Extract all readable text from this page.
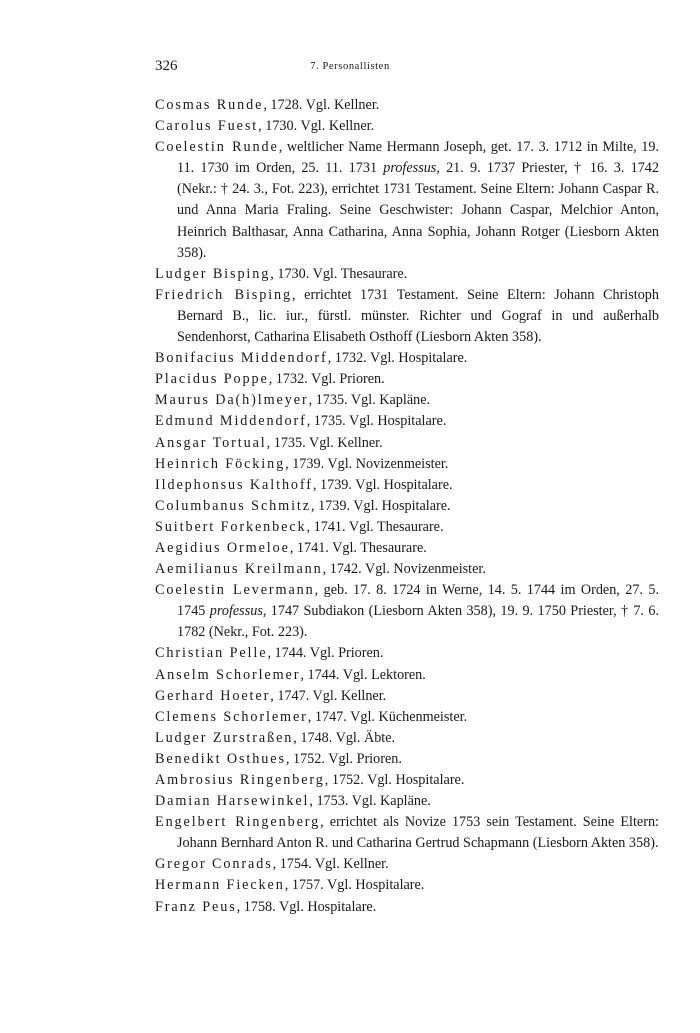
326	7. Personallisten

Cosmas Runde, 1728. Vgl. Kellner.

Carolus Fuest, 1730. Vgl. Kellner.

Coelestin Runde, weltlicher Name Hermann Joseph, get. 17. 3. 1712 in Milte, 19. 11. 1730 im Orden, 25. 11. 1731 professus, 21. 9. 1737 Priester, † 16. 3. 1742 (Nekr.: † 24. 3., Fot. 223), errichtet 1731 Testament. Seine Eltern: Johann Caspar R. und Anna Maria Fraling. Seine Geschwister: Johann Caspar, Melchior Anton, Heinrich Balthasar, Anna Catharina, Anna Sophia, Johann Rotger (Liesborn Akten 358).

Ludger Bisping, 1730. Vgl. Thesaurare.

Friedrich Bisping, errichtet 1731 Testament. Seine Eltern: Johann Christoph Bernard B., lic. iur., fürstl. münster. Richter und Gograf in und außerhalb Sendenhorst, Catharina Elisabeth Osthoff (Liesborn Akten 358).

Bonifacius Middendorf, 1732. Vgl. Hospitalare.

Placidus Poppe, 1732. Vgl. Prioren.

Maurus Da(h)lmeyer, 1735. Vgl. Kapläne.

Edmund Middendorf, 1735. Vgl. Hospitalare.

Ansgar Tortual, 1735. Vgl. Kellner.

Heinrich Föcking, 1739. Vgl. Novizenmeister.

Ildephonsus Kalthoff, 1739. Vgl. Hospitalare.

Columbanus Schmitz, 1739. Vgl. Hospitalare.

Suitbert Forkenbeck, 1741. Vgl. Thesaurare.

Aegidius Ormeloe, 1741. Vgl. Thesaurare.

Aemilianus Kreilmann, 1742. Vgl. Novizenmeister.

Coelestin Levermann, geb. 17. 8. 1724 in Werne, 14. 5. 1744 im Orden, 27. 5. 1745 professus, 1747 Subdiakon (Liesborn Akten 358), 19. 9. 1750 Priester, † 7. 6. 1782 (Nekr., Fot. 223).

Christian Pelle, 1744. Vgl. Prioren.

Anselm Schorlemer, 1744. Vgl. Lektoren.

Gerhard Hoeter, 1747. Vgl. Kellner.

Clemens Schorlemer, 1747. Vgl. Küchenmeister.

Ludger Zurstraßen, 1748. Vgl. Äbte.

Benedikt Osthues, 1752. Vgl. Prioren.

Ambrosius Ringenberg, 1752. Vgl. Hospitalare.

Damian Harsewinkel, 1753. Vgl. Kapläne.

Engelbert Ringenberg, errichtet als Novize 1753 sein Testament. Seine Eltern: Johann Bernhard Anton R. und Catharina Gertrud Schapmann (Liesborn Akten 358).

Gregor Conrads, 1754. Vgl. Kellner.

Hermann Fiecken, 1757. Vgl. Hospitalare.

Franz Peus, 1758. Vgl. Hospitalare.
